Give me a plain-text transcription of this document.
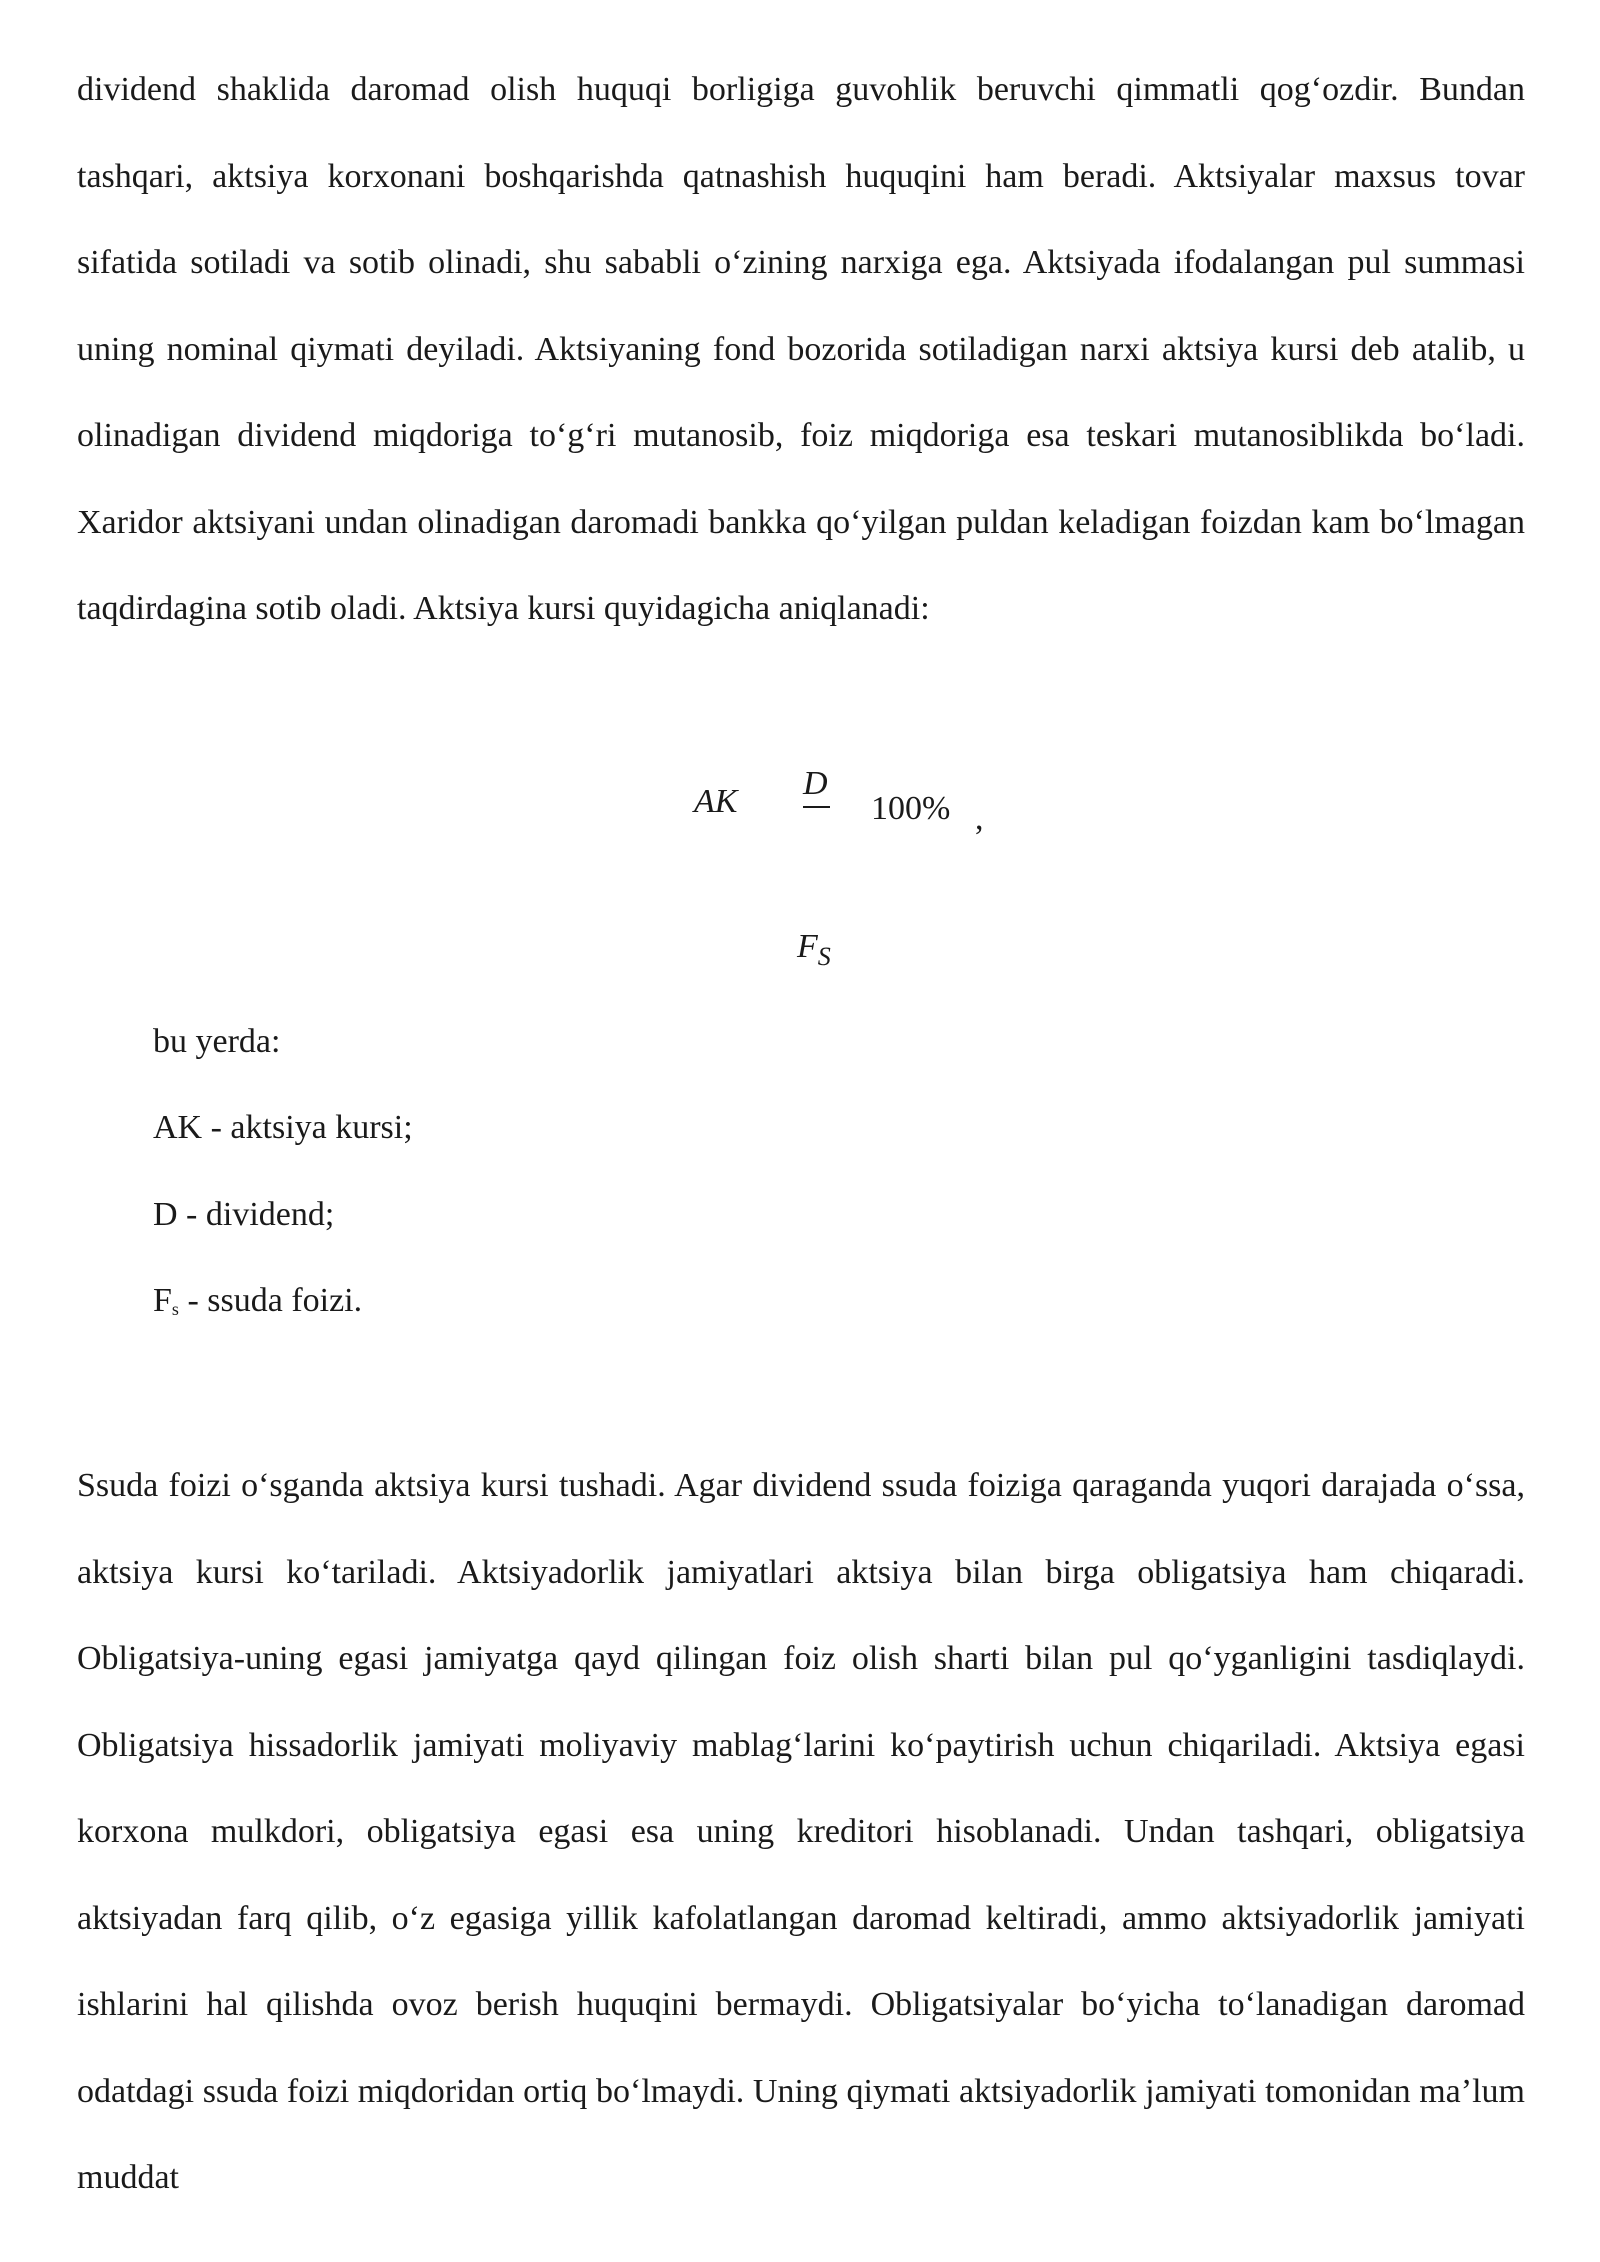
dividend shaklida daromad olish huquqi borligiga guvohlik beruvchi qimmatli qog‘ozdir. Bundan tashqari, aktsiya korxonani boshqarishda qatnashish huquqini ham beradi. Aktsiyalar maxsus tovar sifatida sotiladi va sotib olinadi, shu sababli o‘zining narxiga ega. Aktsiyada ifodalangan pul summasi uning nominal qiymati deyiladi. Aktsiyaning fond bozorida sotiladigan narxi aktsiya kursi deb atalib, u olinadigan dividend miqdoriga to‘g‘ri mutanosib, foiz miqdoriga esa teskari mutanosiblikda bo‘ladi. Xaridor aktsiyani undan olinadigan daromadi bankka qo‘yilgan puldan keladigan foizdan kam bo‘lmagan taqdirdagina sotib oladi. Aktsiya kursi quyidagicha aniqlanadi:

AK D
100% ,
$F_S$
bu yerda:
AK - aktsiya kursi;
D - dividend;
$F_s$ - ssuda foizi.

Ssuda foizi o‘sganda aktsiya kursi tushadi. Agar dividend ssuda foiziga qaraganda yuqori darajada o‘ssa, aktsiya kursi ko‘tariladi. Aktsiyadorlik jamiyatlari aktsiya bilan birga obligatsiya ham chiqaradi. Obligatsiya-uning egasi jamiyatga qayd qilingan foiz olish sharti bilan pul qo‘yganligini tasdiqlaydi. Obligatsiya hissadorlik jamiyati moliyaviy mablag‘larini ko‘paytirish uchun chiqariladi. Aktsiya egasi korxona mulkdori, obligatsiya egasi esa uning kreditori hisoblanadi. Undan tashqari, obligatsiya aktsiyadan farq qilib, o‘z egasiga yillik kafolatlangan daromad keltiradi, ammo aktsiyadorlik jamiyati ishlarini hal qilishda ovoz berish huquqini bermaydi. Obligatsiyalar bo‘yicha to‘lanadigan daromad odatdagi ssuda foizi miqdoridan ortiq bo‘lmaydi. Uning qiymati aktsiyadorlik jamiyati tomonidan ma’lum muddat
